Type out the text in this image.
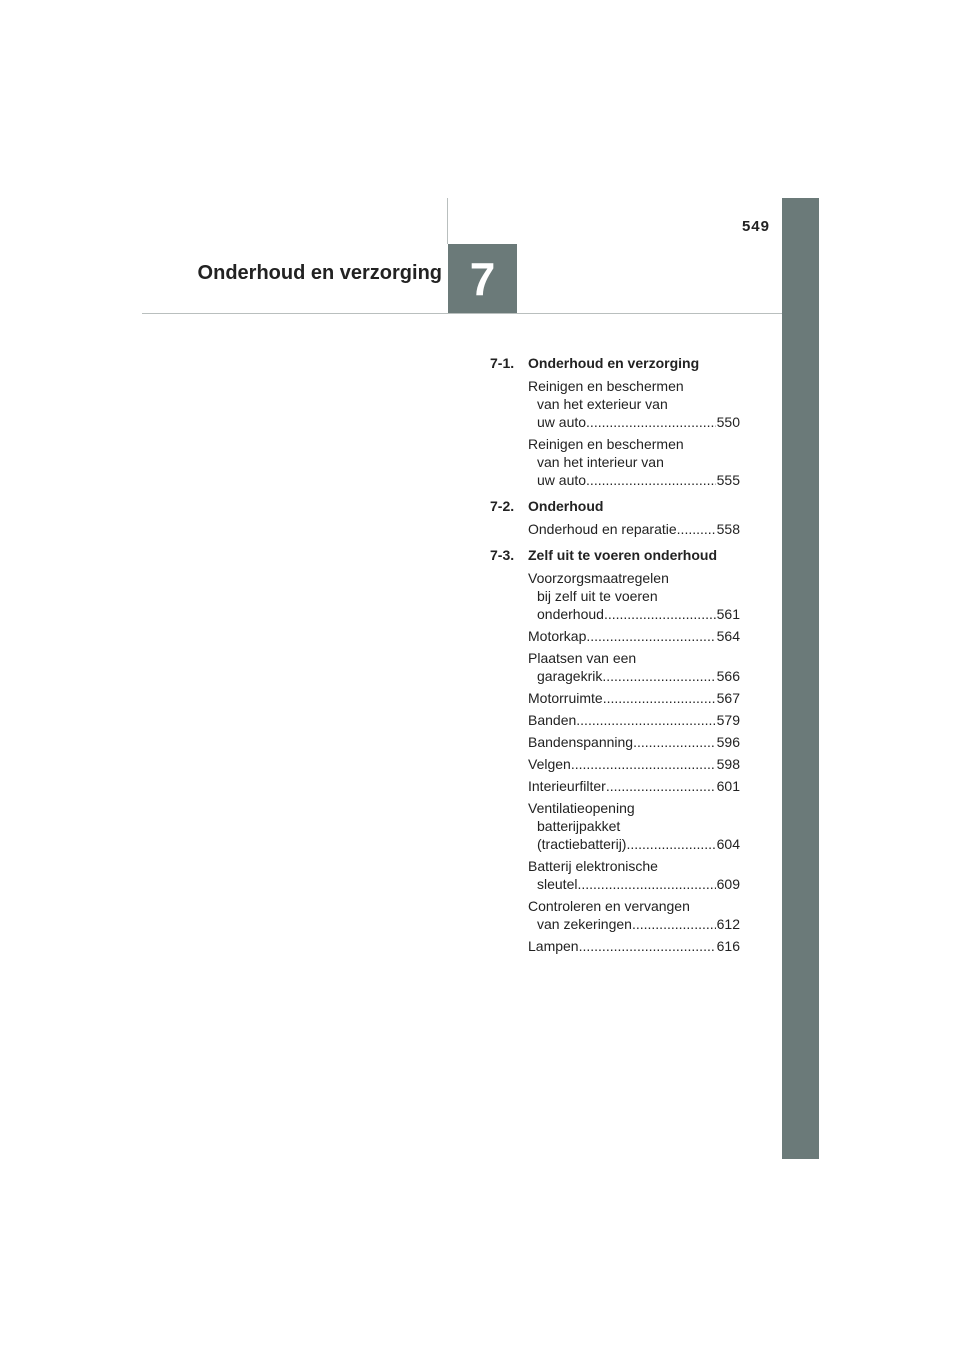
Onderhoud en verzorging 7
549
7-1. Onderhoud en verzorging
Reinigen en beschermen
van het exterieur van
uw auto .....	550
Reinigen en beschermen
van het interieur van
uw auto .....	555
7-2. Onderhoud
Onderhoud en reparatie .....	558
7-3. Zelf uit te voeren onderhoud
Voorzorgsmaatregelen
bij zelf uit te voeren
onderhoud .....	561
Motorkap .....	564
Plaatsen van een
garagekrik .....	566
Motorruimte .....	567
Banden .....	579
Bandenspanning .....	596
Velgen .....	598
Interieurfilter .....	601
Ventilatieopening
batterijpakket
(tractiebatterij) .....	604
Batterij elektronische
sleutel .....	609
Controleren en vervangen
van zekeringen .....	612
Lampen .....	616
